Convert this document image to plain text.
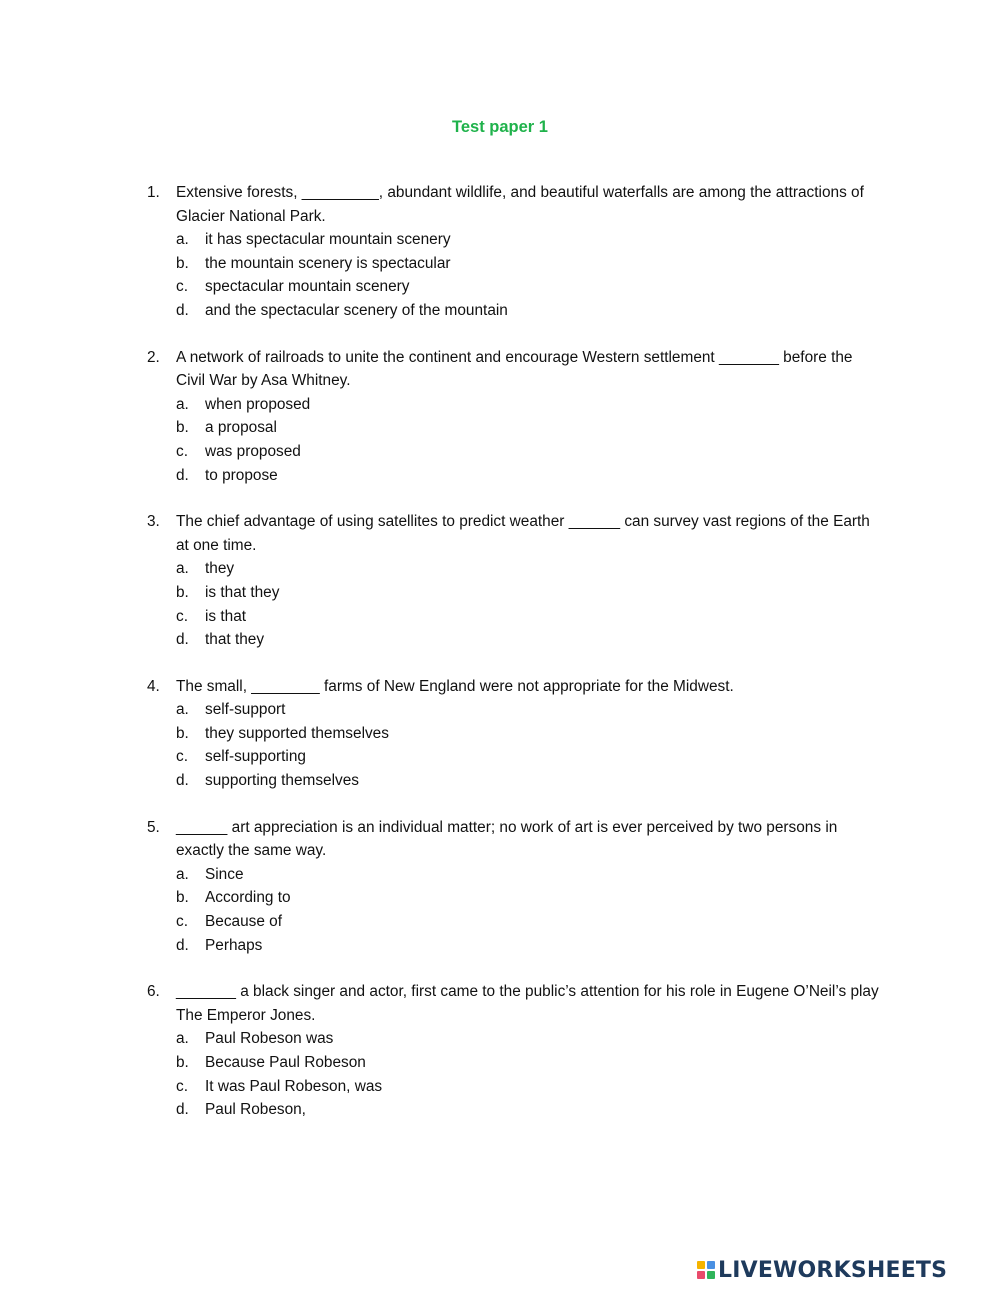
Test paper 1
1. Extensive forests, _________, abundant wildlife, and beautiful waterfalls are among the attractions of Glacier National Park.
a. it has spectacular mountain scenery
b. the mountain scenery is spectacular
c. spectacular mountain scenery
d. and the spectacular scenery of the mountain
2. A network of railroads to unite the continent and encourage Western settlement _______ before the Civil War by Asa Whitney.
a. when proposed
b. a proposal
c. was proposed
d. to propose
3. The chief advantage of using satellites to predict weather ______ can survey vast regions of the Earth at one time.
a. they
b. is that they
c. is that
d. that they
4. The small, ________ farms of New England were not appropriate for the Midwest.
a. self-support
b. they supported themselves
c. self-supporting
d. supporting themselves
5. ______ art appreciation is an individual matter; no work of art is ever perceived by two persons in exactly the same way.
a. Since
b. According to
c. Because of
d. Perhaps
6. _______ a black singer and actor, first came to the public’s attention for his role in Eugene O’Neil’s play The Emperor Jones.
a. Paul Robeson was
b. Because Paul Robeson
c. It was Paul Robeson, was
d. Paul Robeson,
LIVEWORKSHEETS
